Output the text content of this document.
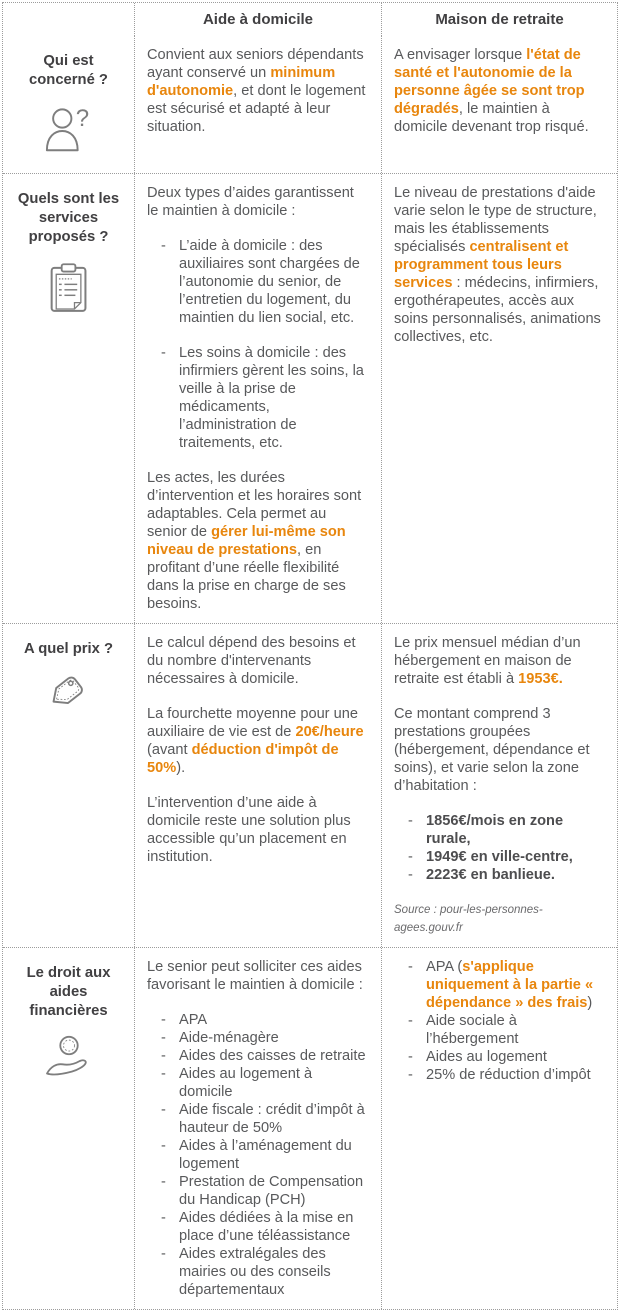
Aide à domicile	Maison de retraite
Qui est concerné ?
?
Convient aux seniors dépendants ayant conservé un minimum d'autonomie, et dont le logement est sécurisé et adapté à leur situation.
A envisager lorsque l'état de santé et l'autonomie de la personne âgée se sont trop dégradés, le maintien à domicile devenant trop risqué.
Quels sont les services proposés ?
Deux types d’aides garantissent le maintien à domicile :
- L’aide à domicile : des auxiliaires sont chargées de l’autonomie du senior, de l’entretien du logement, du maintien du lien social, etc.
- Les soins à domicile : des infirmiers gèrent les soins, la veille à la prise de médicaments, l’administration de traitements, etc.
Les actes, les durées d’intervention et les horaires sont adaptables. Cela permet au senior de gérer lui-même son niveau de prestations, en profitant d’une réelle flexibilité dans la prise en charge de ses besoins.
Le niveau de prestations d'aide varie selon le type de structure, mais les établissements spécialisés centralisent et programment tous leurs services : médecins, infirmiers, ergothérapeutes, accès aux soins personnalisés, animations collectives, etc.
A quel prix ?	Le calcul dépend des besoins et du nombre d'intervenants nécessaires à domicile.
La fourchette moyenne pour une auxiliaire de vie est de 20€/heure (avant déduction d'impôt de 50%).
L’intervention d’une aide à domicile reste une solution plus accessible qu’un placement en institution.
Le prix mensuel médian d’un hébergement en maison de retraite est établi à 1953€.
Ce montant comprend 3 prestations groupées (hébergement, dépendance et soins), et varie selon la zone d’habitation :
- 1856€/mois en zone rurale,
- 1949€ en ville-centre,
- 2223€ en banlieue.
Source : pour-les-personnes-agees.gouv.fr
Le droit aux aides financières
Le senior peut solliciter ces aides favorisant le maintien à domicile :
- APA
- Aide-ménagère
- Aides des caisses de retraite
- Aides au logement à domicile
- Aide fiscale : crédit d’impôt à hauteur de 50%
- Aides à l’aménagement du logement
- Prestation de Compensation du Handicap (PCH)
- Aides dédiées à la mise en place d’une téléassistance
- Aides extralégales des mairies ou des conseils départementaux
- APA (s'applique uniquement à la partie « dépendance » des frais)
- Aide sociale à l’hébergement
- Aides au logement
- 25% de réduction d’impôt
